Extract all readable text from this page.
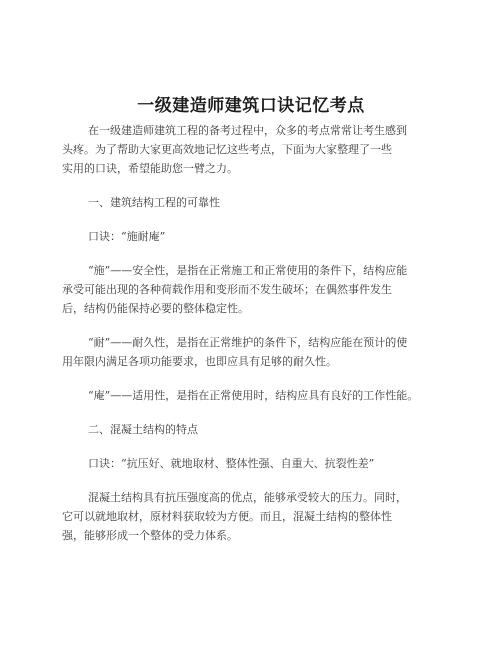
一级建造师建筑口诀记忆考点
在一级建造师建筑工程的备考过程中，众多的考点常常让考生感到
头疼。为了帮助大家更高效地记忆这些考点，下面为大家整理了一些
实用的口诀，希望能助您一臂之力。
一、建筑结构工程的可靠性
口诀：“施耐庵”
“施”——安全性，是指在正常施工和正常使用的条件下，结构应能
承受可能出现的各种荷载作用和变形而不发生破坏；在偶然事件发生
后，结构仍能保持必要的整体稳定性。
“耐”——耐久性，是指在正常维护的条件下，结构应能在预计的使
用年限内满足各项功能要求，也即应具有足够的耐久性。
“庵”——适用性，是指在正常使用时，结构应具有良好的工作性能。
二、混凝土结构的特点
口诀：“抗压好、就地取材、整体性强、自重大、抗裂性差”
混凝土结构具有抗压强度高的优点，能够承受较大的压力。同时，
它可以就地取材，原材料获取较为方便。而且，混凝土结构的整体性
强，能够形成一个整体的受力体系。
